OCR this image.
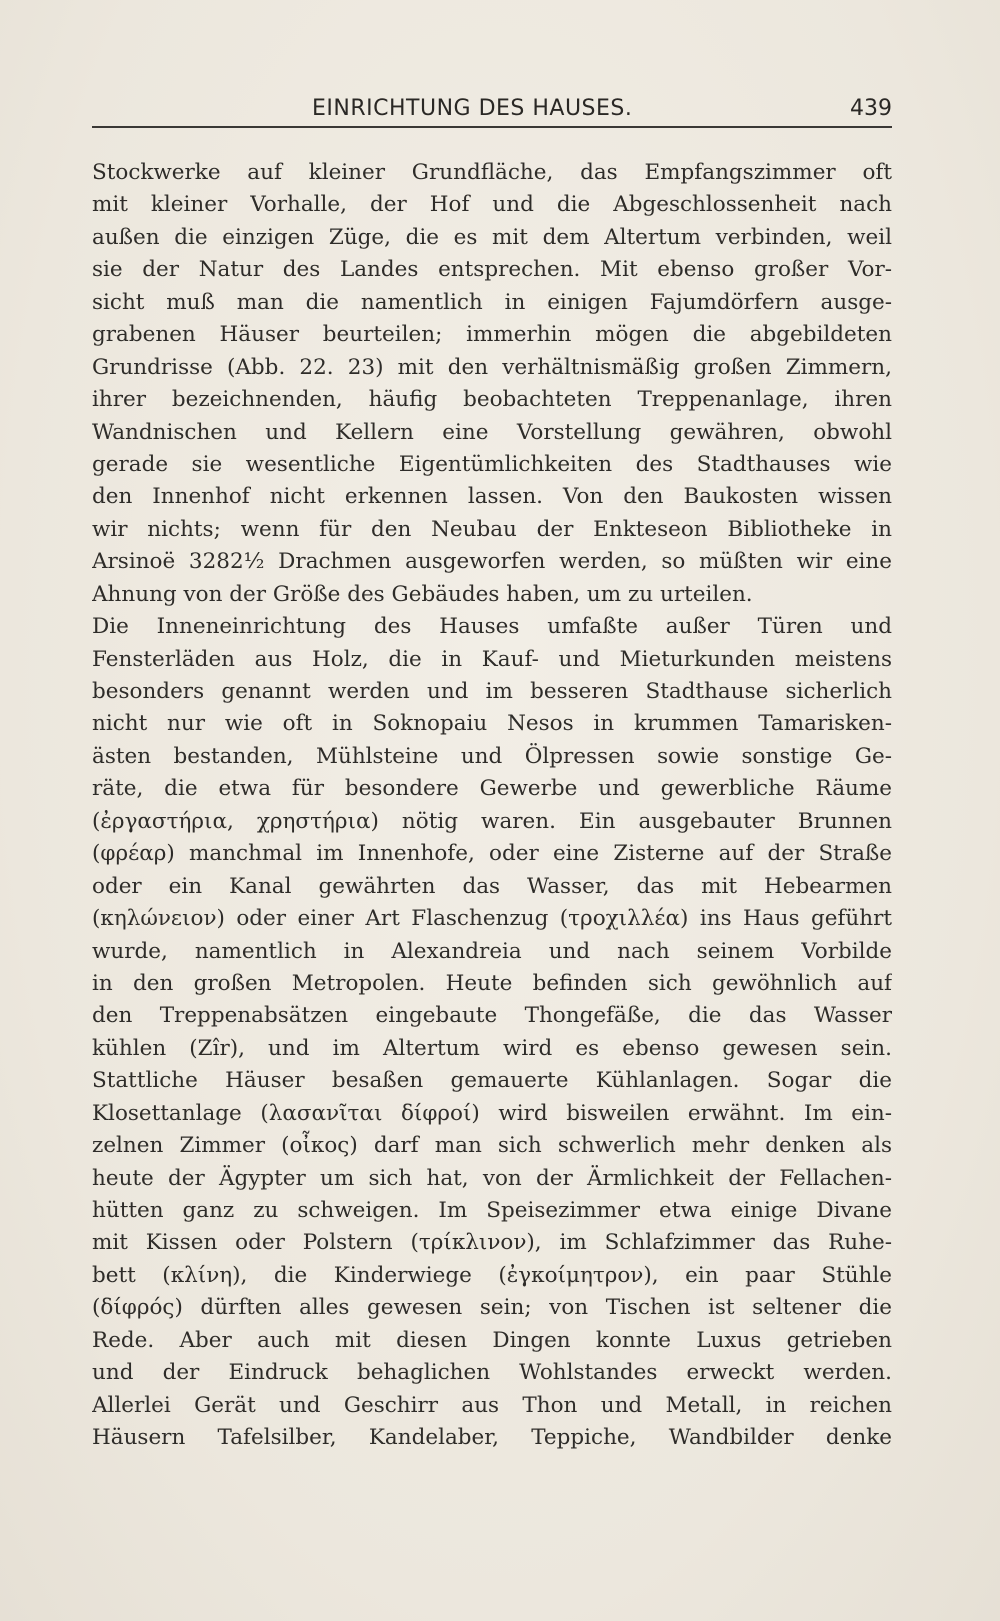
EINRICHTUNG DES HAUSES.	439
Stockwerke auf kleiner Grundfläche, das Empfangszimmer oft
mit kleiner Vorhalle, der Hof und die Abgeschlossenheit nach
außen die einzigen Züge, die es mit dem Altertum verbinden, weil
sie der Natur des Landes entsprechen. Mit ebenso großer Vor-
sicht muß man die namentlich in einigen Fajumdörfern ausge-
grabenen Häuser beurteilen; immerhin mögen die abgebildeten
Grundrisse (Abb. 22. 23) mit den verhältnismäßig großen Zimmern,
ihrer bezeichnenden, häufig beobachteten Treppenanlage, ihren
Wandnischen und Kellern eine Vorstellung gewähren, obwohl
gerade sie wesentliche Eigentümlichkeiten des Stadthauses wie
den Innenhof nicht erkennen lassen. Von den Baukosten wissen
wir nichts; wenn für den Neubau der Enkteseon Bibliotheke in
Arsinoë 3282½ Drachmen ausgeworfen werden, so müßten wir eine
Ahnung von der Größe des Gebäudes haben, um zu urteilen.
Die Inneneinrichtung des Hauses umfaßte außer Türen und
Fensterläden aus Holz, die in Kauf- und Mieturkunden meistens
besonders genannt werden und im besseren Stadthause sicherlich
nicht nur wie oft in Soknopaiu Nesos in krummen Tamarisken-
ästen bestanden, Mühlsteine und Ölpressen sowie sonstige Ge-
räte, die etwa für besondere Gewerbe und gewerbliche Räume
(ἐργαστήρια, χρηστήρια) nötig waren. Ein ausgebauter Brunnen
(φρέαρ) manchmal im Innenhofe, oder eine Zisterne auf der Straße
oder ein Kanal gewährten das Wasser, das mit Hebearmen
(κηλώνειον) oder einer Art Flaschenzug (τροχιλλέα) ins Haus geführt
wurde, namentlich in Alexandreia und nach seinem Vorbilde
in den großen Metropolen. Heute befinden sich gewöhnlich auf
den Treppenabsätzen eingebaute Thongefäße, die das Wasser
kühlen (Zîr), und im Altertum wird es ebenso gewesen sein.
Stattliche Häuser besaßen gemauerte Kühlanlagen. Sogar die
Klosettanlage (λασανῖται δίφροί) wird bisweilen erwähnt. Im ein-
zelnen Zimmer (οἶκος) darf man sich schwerlich mehr denken als
heute der Ägypter um sich hat, von der Ärmlichkeit der Fellachen-
hütten ganz zu schweigen. Im Speisezimmer etwa einige Divane
mit Kissen oder Polstern (τρίκλινον), im Schlafzimmer das Ruhe-
bett (κλίνη), die Kinderwiege (ἐγκοίμητρον), ein paar Stühle
(δίφρός) dürften alles gewesen sein; von Tischen ist seltener die
Rede. Aber auch mit diesen Dingen konnte Luxus getrieben
und der Eindruck behaglichen Wohlstandes erweckt werden.
Allerlei Gerät und Geschirr aus Thon und Metall, in reichen
Häusern Tafelsilber, Kandelaber, Teppiche, Wandbilder denke
